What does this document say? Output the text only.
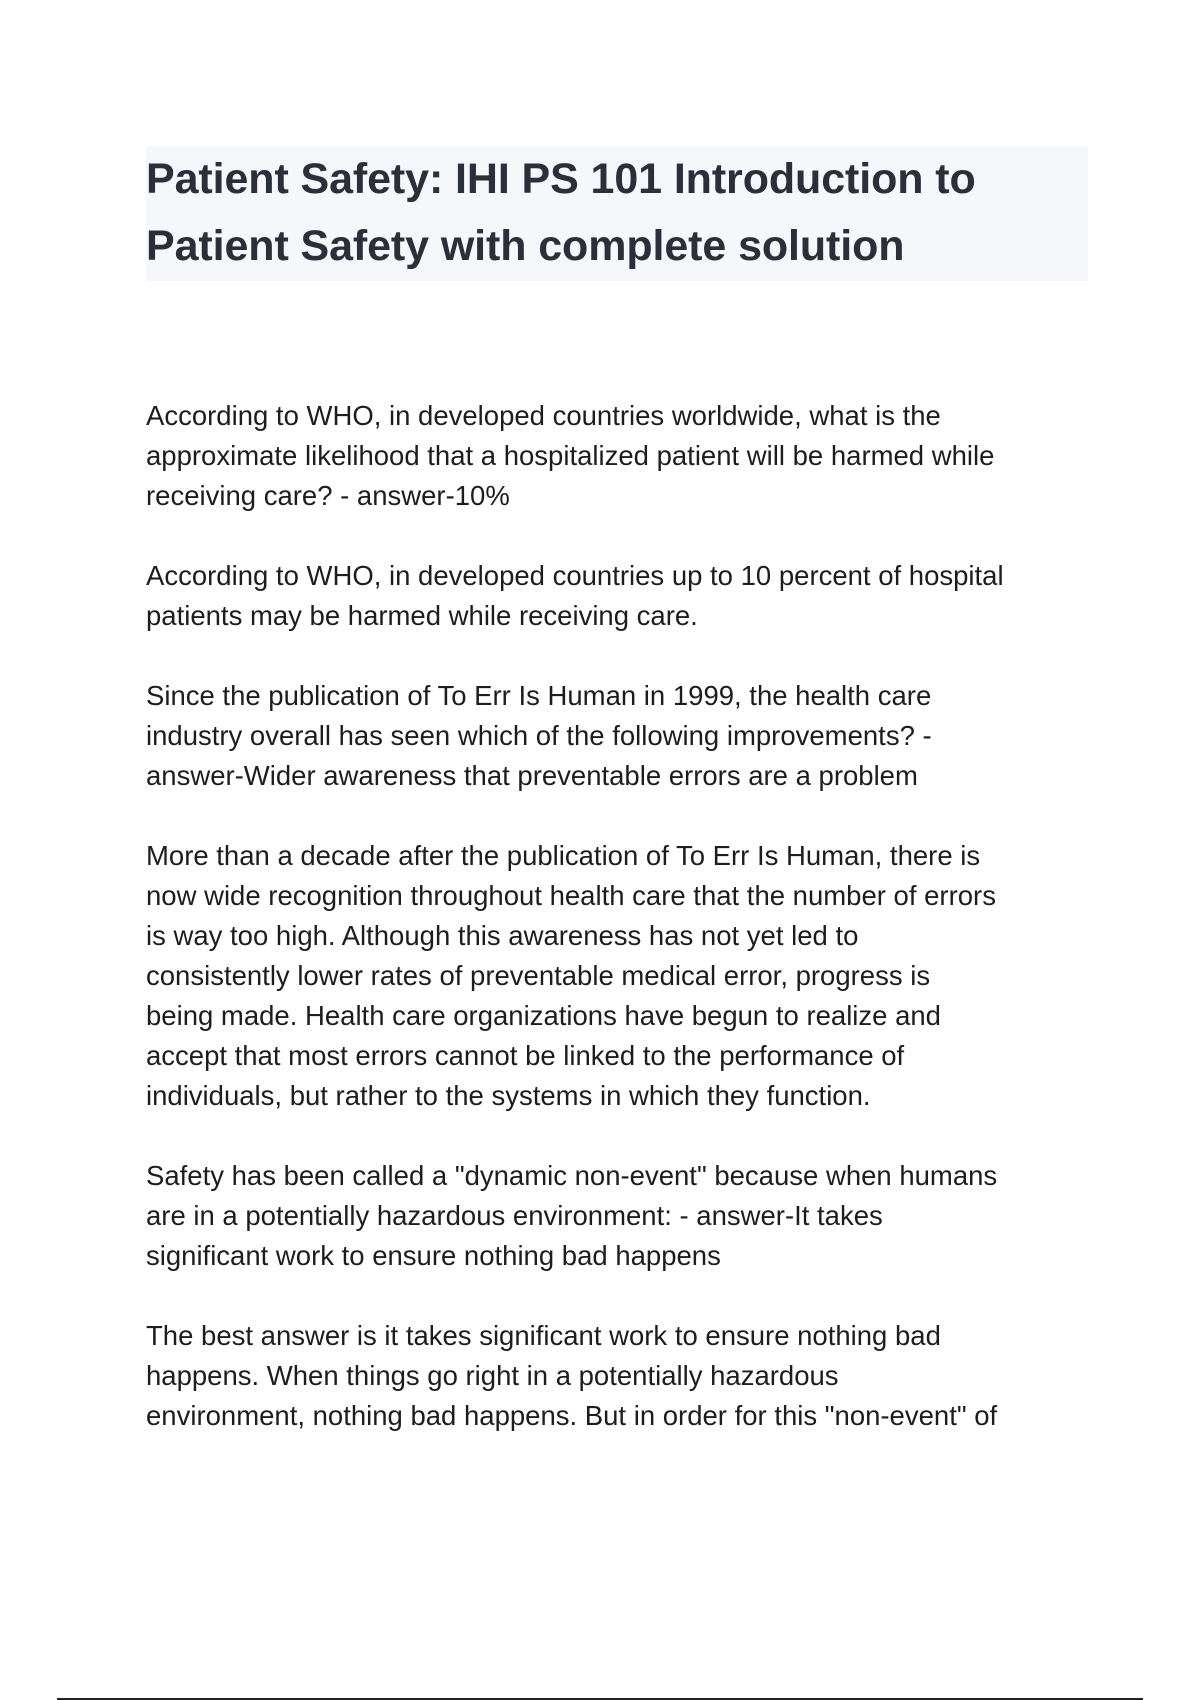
Patient Safety: IHI PS 101 Introduction to
Patient Safety with complete solution

According to WHO, in developed countries worldwide, what is the
approximate likelihood that a hospitalized patient will be harmed while
receiving care? - answer-10%

According to WHO, in developed countries up to 10 percent of hospital
patients may be harmed while receiving care.

Since the publication of To Err Is Human in 1999, the health care
industry overall has seen which of the following improvements? -
answer-Wider awareness that preventable errors are a problem

More than a decade after the publication of To Err Is Human, there is
now wide recognition throughout health care that the number of errors
is way too high. Although this awareness has not yet led to
consistently lower rates of preventable medical error, progress is
being made. Health care organizations have begun to realize and
accept that most errors cannot be linked to the performance of
individuals, but rather to the systems in which they function.

Safety has been called a "dynamic non-event" because when humans
are in a potentially hazardous environment: - answer-It takes
significant work to ensure nothing bad happens

The best answer is it takes significant work to ensure nothing bad
happens. When things go right in a potentially hazardous
environment, nothing bad happens. But in order for this "non-event" of
